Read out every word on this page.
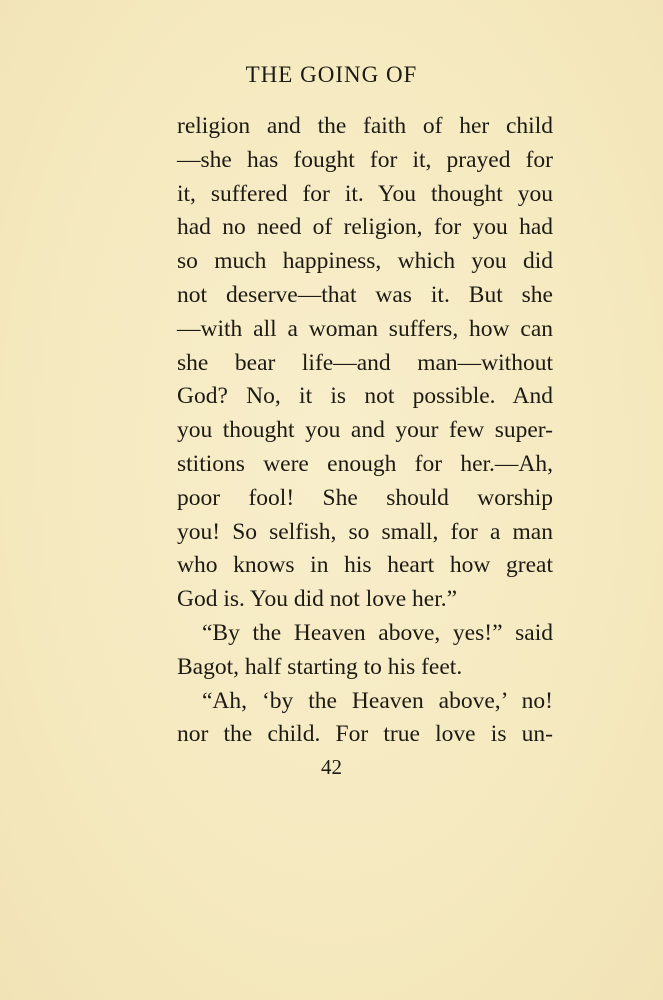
THE GOING OF
religion and the faith of her child
—she has fought for it, prayed for
it, suffered for it. You thought you
had no need of religion, for you had
so much happiness, which you did
not deserve—that was it. But she
—with all a woman suffers, how can
she bear life—and man—without
God? No, it is not possible. And
you thought you and your few super-
stitions were enough for her.—Ah,
poor fool! She should worship
you! So selfish, so small, for a man
who knows in his heart how great
God is. You did not love her.”
“By the Heaven above, yes!” said
Bagot, half starting to his feet.
“Ah, ‘by the Heaven above,’ no!
nor the child. For true love is un-
42
